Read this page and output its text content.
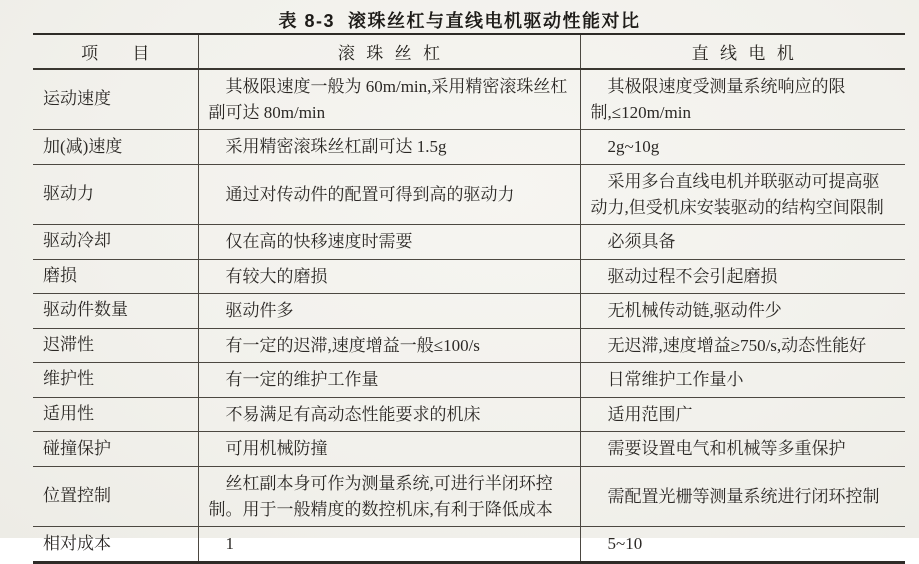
表 8-3  滚珠丝杠与直线电机驱动性能对比
项   目	滚 珠 丝 杠	直 线 电 机
运动速度	其极限速度一般为 60m/min,采用精密滚珠丝杠副可达 80m/min	其极限速度受测量系统响应的限制,≤120m/min
加(减)速度	采用精密滚珠丝杠副可达 1.5g	2g~10g
驱动力	通过对传动件的配置可得到高的驱动力	采用多台直线电机并联驱动可提高驱动力,但受机床安装驱动的结构空间限制
驱动冷却	仅在高的快移速度时需要	必须具备
磨损	有较大的磨损	驱动过程不会引起磨损
驱动件数量	驱动件多	无机械传动链,驱动件少
迟滞性	有一定的迟滞,速度增益一般≤100/s	无迟滞,速度增益≥750/s,动态性能好
维护性	有一定的维护工作量	日常维护工作量小
适用性	不易满足有高动态性能要求的机床	适用范围广
碰撞保护	可用机械防撞	需要设置电气和机械等多重保护
位置控制	丝杠副本身可作为测量系统,可进行半闭环控制。用于一般精度的数控机床,有利于降低成本	需配置光栅等测量系统进行闭环控制
相对成本	1	5~10
